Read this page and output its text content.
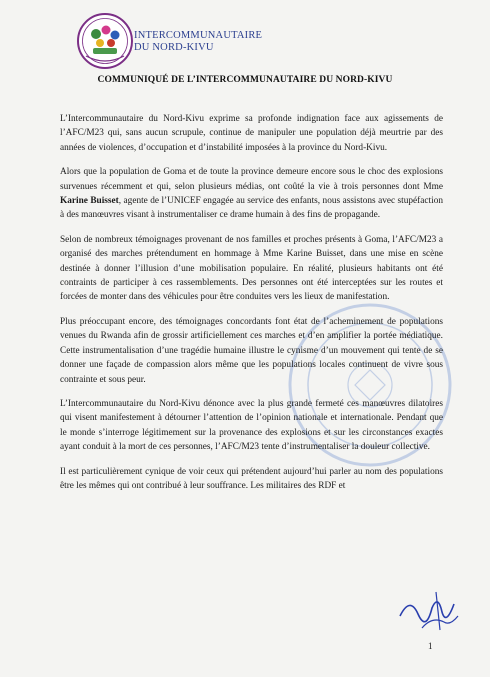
INTERCOMMUNAUTAIRE
DU NORD-KIVU
COMMUNIQUÉ DE L’INTERCOMMUNAUTAIRE DU NORD-KIVU

L’Intercommunautaire du Nord-Kivu exprime sa profonde indignation face aux agissements de l’AFC/M23 qui, sans aucun scrupule, continue de manipuler une population déjà meurtrie par des années de violences, d’occupation et d’instabilité imposées à la province du Nord-Kivu.

Alors que la population de Goma et de toute la province demeure encore sous le choc des explosions survenues récemment et qui, selon plusieurs médias, ont coûté la vie à trois personnes dont Mme Karine Buisset, agente de l’UNICEF engagée au service des enfants, nous assistons avec stupéfaction à des manœuvres visant à instrumentaliser ce drame humain à des fins de propagande.

Selon de nombreux témoignages provenant de nos familles et proches présents à Goma, l’AFC/M23 a organisé des marches prétendument en hommage à Mme Karine Buisset, dans une mise en scène destinée à donner l’illusion d’une mobilisation populaire. En réalité, plusieurs habitants ont été contraints de participer à ces rassemblements. Des personnes ont été interceptées sur les routes et forcées de monter dans des véhicules pour être conduites vers les lieux de manifestation.

Plus préoccupant encore, des témoignages concordants font état de l’acheminement de populations venues du Rwanda afin de grossir artificiellement ces marches et d’en amplifier la portée médiatique. Cette instrumentalisation d’une tragédie humaine illustre le cynisme d’un mouvement qui tente de se donner une façade de compassion alors même que les populations locales continuent de vivre sous contrainte et sous peur.

L’Intercommunautaire du Nord-Kivu dénonce avec la plus grande fermeté ces manœuvres dilatoires qui visent manifestement à détourner l’attention de l’opinion nationale et internationale. Pendant que le monde s’interroge légitimement sur la provenance des explosions et sur les circonstances exactes ayant conduit à la mort de ces personnes, l’AFC/M23 tente d’instrumentaliser la douleur collective.

Il est particulièrement cynique de voir ceux qui prétendent aujourd’hui parler au nom des populations être les mêmes qui ont contribué à leur souffrance. Les militaires des RDF et

1
